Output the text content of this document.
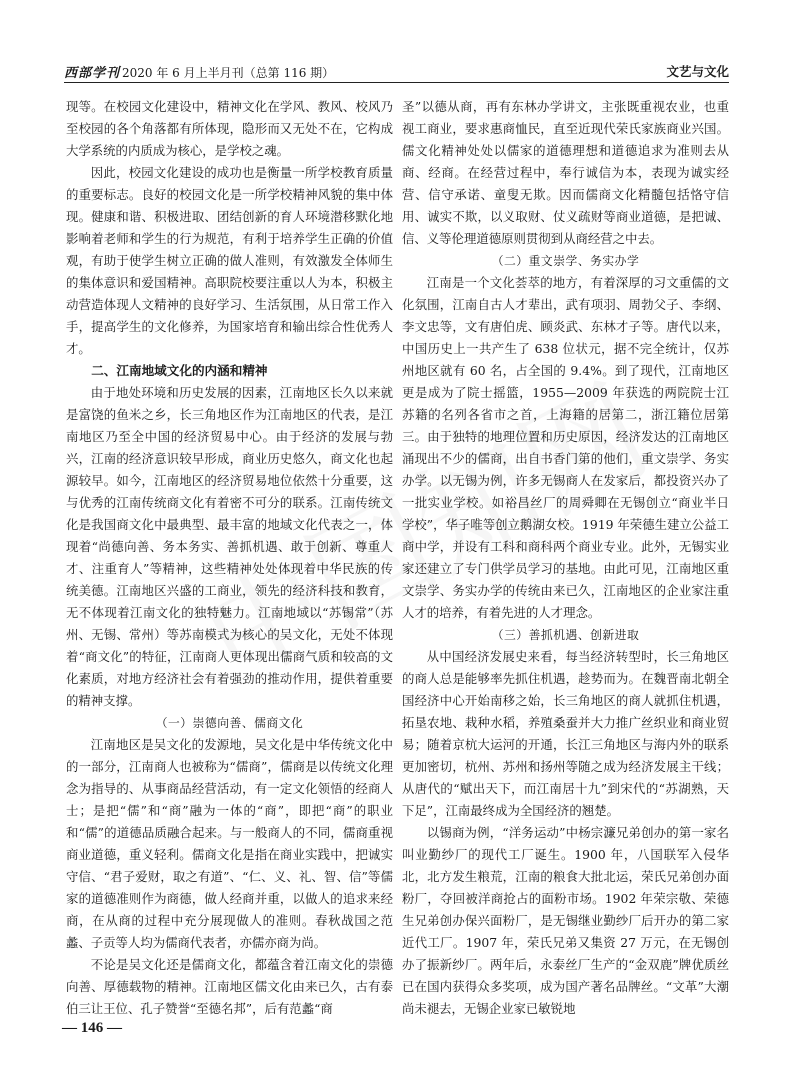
西部学刊 2020 年 6 月上半月刊（总第 116 期）	文艺与文化

现等。在校园文化建设中，精神文化在学风、教风、校风乃至校园的各个角落都有所体现，隐形而又无处不在，它构成大学系统的内质成为核心，是学校之魂。

因此，校园文化建设的成功也是衡量一所学校教育质量的重要标志。良好的校园文化是一所学校精神风貌的集中体现。健康和谐、积极进取、团结创新的育人环境潜移默化地影响着老师和学生的行为规范，有利于培养学生正确的价值观，有助于使学生树立正确的做人准则，有效激发全体师生的集体意识和爱国精神。高职院校要注重以人为本，积极主动营造体现人文精神的良好学习、生活氛围，从日常工作入手，提高学生的文化修养，为国家培育和输出综合性优秀人才。

二、江南地域文化的内涵和精神

由于地处环境和历史发展的因素，江南地区长久以来就是富饶的鱼米之乡，长三角地区作为江南地区的代表，是江南地区乃至全中国的经济贸易中心。由于经济的发展与勃兴，江南的经济意识较早形成，商业历史悠久，商文化也起源较早。如今，江南地区的经济贸易地位依然十分重要，这与优秀的江南传统商文化有着密不可分的联系。江南传统文化是我国商文化中最典型、最丰富的地域文化代表之一，体现着“尚德向善、务本务实、善抓机遇、敢于创新、尊重人才、注重育人”等精神，这些精神处处体现着中华民族的传统美德。江南地区兴盛的工商业，领先的经济科技和教育，无不体现着江南文化的独特魅力。江南地域以“苏锡常”（苏州、无锡、常州）等苏南模式为核心的吴文化，无处不体现着“商文化”的特征，江南商人更体现出儒商气质和较高的文化素质，对地方经济社会有着强劲的推动作用，提供着重要的精神支撑。

（一）崇德向善、儒商文化

江南地区是吴文化的发源地，吴文化是中华传统文化中的一部分，江南商人也被称为“儒商”，儒商是以传统文化理念为指导的、从事商品经营活动，有一定文化领悟的经商人士；是把“儒”和“商”融为一体的“商”，即把“商”的职业和“儒”的道德品质融合起来。与一般商人的不同，儒商重视商业道德，重义轻利。儒商文化是指在商业实践中，把诚实守信、“君子爱财，取之有道”、“仁、义、礼、智、信”等儒家的道德准则作为商德，做人经商并重，以做人的追求来经商，在从商的过程中充分展现做人的准则。春秋战国之范蠡、子贡等人均为儒商代表者，亦儒亦商为尚。

不论是吴文化还是儒商文化，都蕴含着江南文化的崇德向善、厚德载物的精神。江南地区儒文化由来已久，古有泰伯三让王位、孔子赞誉“至德名邦”，后有范蠡“商

圣”以德从商，再有东林办学讲文，主张既重视农业，也重视工商业，要求惠商恤民，直至近现代荣氏家族商业兴国。儒文化精神处处以儒家的道德理想和道德追求为准则去从商、经商。在经营过程中，奉行诚信为本，表现为诚实经营、信守承诺、童叟无欺。因而儒商文化精髓包括恪守信用、诚实不欺，以义取财、仗义疏财等商业道德，是把诚、信、义等伦理道德原则贯彻到从商经营之中去。

（二）重文崇学、务实办学

江南是一个文化荟萃的地方，有着深厚的习文重儒的文化氛围，江南自古人才辈出，武有项羽、周勃父子、李纲、李文忠等，文有唐伯虎、顾炎武、东林才子等。唐代以来，中国历史上一共产生了 638 位状元，据不完全统计，仅苏州地区就有 60 名，占全国的 9.4%。到了现代，江南地区更是成为了院士摇篮，1955—2009 年获选的两院院士江苏籍的名列各省市之首，上海籍的居第二，浙江籍位居第三。由于独特的地理位置和历史原因，经济发达的江南地区涌现出不少的儒商，出自书香门第的他们，重文崇学、务实办学。以无锡为例，许多无锡商人在发家后，都投资兴办了一批实业学校。如裕昌丝厂的周舜卿在无锡创立“商业半日学校”，华子唯等创立鹅湖女校。1919 年荣德生建立公益工商中学，并设有工科和商科两个商业专业。此外，无锡实业家还建立了专门供学员学习的基地。由此可见，江南地区重文崇学、务实办学的传统由来已久，江南地区的企业家注重人才的培养，有着先进的人才理念。

（三）善抓机遇、创新进取

从中国经济发展史来看，每当经济转型时，长三角地区的商人总是能够率先抓住机遇，趁势而为。在魏晋南北朝全国经济中心开始南移之始，长三角地区的商人就抓住机遇，拓垦农地、栽种水稻，养殖桑蚕并大力推广丝织业和商业贸易；随着京杭大运河的开通，长江三角地区与海内外的联系更加密切，杭州、苏州和扬州等随之成为经济发展主干线；从唐代的“赋出天下，而江南居十九”到宋代的“苏湖熟，天下足”，江南最终成为全国经济的翘楚。

以锡商为例，“洋务运动”中杨宗濂兄弟创办的第一家名叫业勤纱厂的现代工厂诞生。1900 年，八国联军入侵华北，北方发生粮荒，江南的粮食大批北运，荣氏兄弟创办面粉厂，夺回被洋商抢占的面粉市场。1902 年荣宗敬、荣德生兄弟创办保兴面粉厂，是无锡继业勤纱厂后开办的第二家近代工厂。1907 年，荣氏兄弟又集资 27 万元，在无锡创办了振新纱厂。两年后，永泰丝厂生产的“金双鹿”牌优质丝已在国内获得众多奖项，成为国产著名品牌丝。“文革”大潮尚未褪去，无锡企业家已敏锐地

— 146 —
